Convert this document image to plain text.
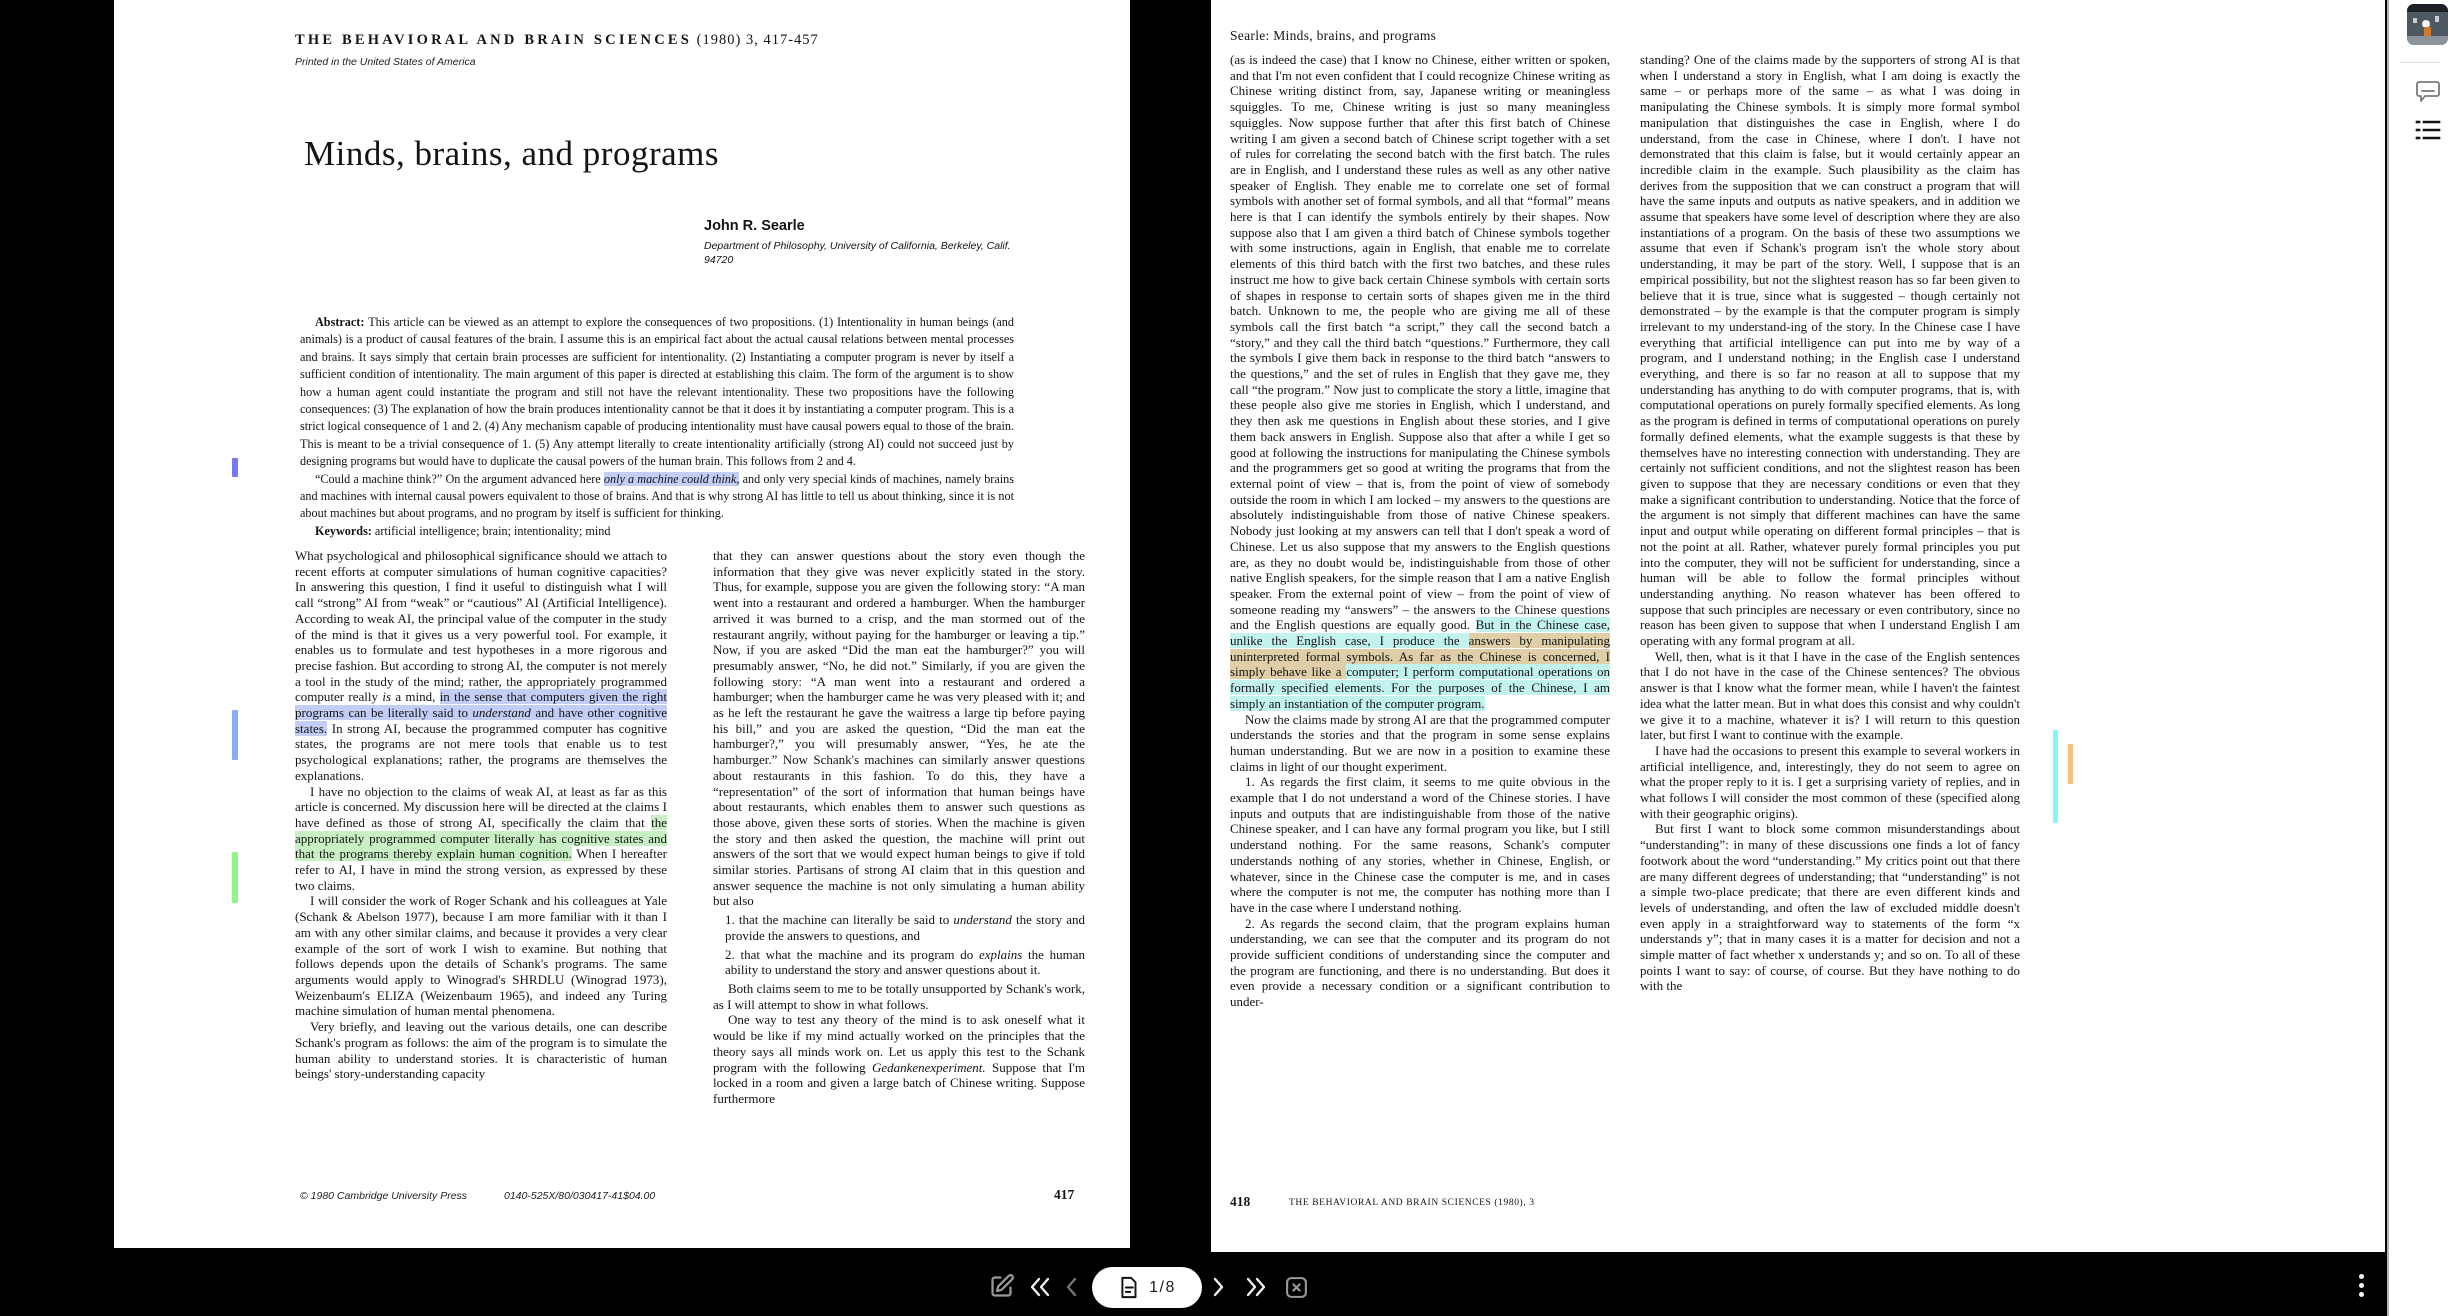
THE BEHAVIORAL AND BRAIN SCIENCES (1980) 3, 417-457
Printed in the United States of America
Minds, brains, and programs
John R. Searle
Department of Philosophy, University of California, Berkeley, Calif.
94720

Abstract: This article can be viewed as an attempt to explore the consequences of two propositions. (1) Intentionality in human beings (and animals) is a product of causal features of the brain. I assume this is an empirical fact about the actual causal relations between mental processes and brains. It says simply that certain brain processes are sufficient for intentionality. (2) Instantiating a computer program is never by itself a sufficient condition of intentionality. The main argument of this paper is directed at establishing this claim. The form of the argument is to show how a human agent could instantiate the program and still not have the relevant intentionality. These two propositions have the following consequences: (3) The explanation of how the brain produces intentionality cannot be that it does it by instantiating a computer program. This is a strict logical consequence of 1 and 2. (4) Any mechanism capable of producing intentionality must have causal powers equal to those of the brain. This is meant to be a trivial consequence of 1. (5) Any attempt literally to create intentionality artificially (strong AI) could not succeed just by designing programs but would have to duplicate the causal powers of the human brain. This follows from 2 and 4.

“Could a machine think?” On the argument advanced here only a machine could think, and only very special kinds of machines, namely brains and machines with internal causal powers equivalent to those of brains. And that is why strong AI has little to tell us about thinking, since it is not about machines but about programs, and no program by itself is sufficient for thinking.

Keywords: artificial intelligence; brain; intentionality; mind

What psychological and philosophical significance should we attach to recent efforts at computer simulations of human cognitive capacities? In answering this question, I find it useful to distinguish what I will call “strong” AI from “weak” or “cautious” AI (Artificial Intelligence). According to weak AI, the principal value of the computer in the study of the mind is that it gives us a very powerful tool. For example, it enables us to formulate and test hypotheses in a more rigorous and precise fashion. But according to strong AI, the computer is not merely a tool in the study of the mind; rather, the appropriately programmed computer really is a mind, in the sense that computers given the right programs can be literally said to understand and have other cognitive states. In strong AI, because the programmed computer has cognitive states, the programs are not mere tools that enable us to test psychological explanations; rather, the programs are themselves the explanations.

I have no objection to the claims of weak AI, at least as far as this article is concerned. My discussion here will be directed at the claims I have defined as those of strong AI, specifically the claim that the appropriately programmed computer literally has cognitive states and that the programs thereby explain human cognition. When I hereafter refer to AI, I have in mind the strong version, as expressed by these two claims.

I will consider the work of Roger Schank and his colleagues at Yale (Schank & Abelson 1977), because I am more familiar with it than I am with any other similar claims, and because it provides a very clear example of the sort of work I wish to examine. But nothing that follows depends upon the details of Schank's programs. The same arguments would apply to Winograd's SHRDLU (Winograd 1973), Weizenbaum's ELIZA (Weizenbaum 1965), and indeed any Turing machine simulation of human mental phenomena.

Very briefly, and leaving out the various details, one can describe Schank's program as follows: the aim of the program is to simulate the human ability to understand stories. It is characteristic of human beings' story-understanding capacity

that they can answer questions about the story even though the information that they give was never explicitly stated in the story. Thus, for example, suppose you are given the following story: “A man went into a restaurant and ordered a hamburger. When the hamburger arrived it was burned to a crisp, and the man stormed out of the restaurant angrily, without paying for the hamburger or leaving a tip.” Now, if you are asked “Did the man eat the hamburger?” you will presumably answer, “No, he did not.” Similarly, if you are given the following story: “A man went into a restaurant and ordered a hamburger; when the hamburger came he was very pleased with it; and as he left the restaurant he gave the waitress a large tip before paying his bill,” and you are asked the question, “Did the man eat the hamburger?,” you will presumably answer, “Yes, he ate the hamburger.” Now Schank's machines can similarly answer questions about restaurants in this fashion. To do this, they have a “representation” of the sort of information that human beings have about restaurants, which enables them to answer such questions as those above, given these sorts of stories. When the machine is given the story and then asked the question, the machine will print out answers of the sort that we would expect human beings to give if told similar stories. Partisans of strong AI claim that in this question and answer sequence the machine is not only simulating a human ability but also

1. that the machine can literally be said to understand the story and provide the answers to questions, and

2. that what the machine and its program do explains the human ability to understand the story and answer questions about it.

Both claims seem to me to be totally unsupported by Schank's work, as I will attempt to show in what follows.

One way to test any theory of the mind is to ask oneself what it would be like if my mind actually worked on the principles that the theory says all minds work on. Let us apply this test to the Schank program with the following Gedankenexperiment. Suppose that I'm locked in a room and given a large batch of Chinese writing. Suppose furthermore

© 1980 Cambridge University Press	0140-525X/80/030417-41$04.00	417
Searle: Minds, brains, and programs

(as is indeed the case) that I know no Chinese, either written or spoken, and that I'm not even confident that I could recognize Chinese writing as Chinese writing distinct from, say, Japanese writing or meaningless squiggles. To me, Chinese writing is just so many meaningless squiggles. Now suppose further that after this first batch of Chinese writing I am given a second batch of Chinese script together with a set of rules for correlating the second batch with the first batch. The rules are in English, and I understand these rules as well as any other native speaker of English. They enable me to correlate one set of formal symbols with another set of formal symbols, and all that “formal” means here is that I can identify the symbols entirely by their shapes. Now suppose also that I am given a third batch of Chinese symbols together with some instructions, again in English, that enable me to correlate elements of this third batch with the first two batches, and these rules instruct me how to give back certain Chinese symbols with certain sorts of shapes in response to certain sorts of shapes given me in the third batch. Unknown to me, the people who are giving me all of these symbols call the first batch “a script,” they call the second batch a “story,” and they call the third batch “questions.” Furthermore, they call the symbols I give them back in response to the third batch “answers to the questions,” and the set of rules in English that they gave me, they call “the program.” Now just to complicate the story a little, imagine that these people also give me stories in English, which I understand, and they then ask me questions in English about these stories, and I give them back answers in English. Suppose also that after a while I get so good at following the instructions for manipulating the Chinese symbols and the programmers get so good at writing the programs that from the external point of view – that is, from the point of view of somebody outside the room in which I am locked – my answers to the questions are absolutely indistinguishable from those of native Chinese speakers. Nobody just looking at my answers can tell that I don't speak a word of Chinese. Let us also suppose that my answers to the English questions are, as they no doubt would be, indistinguishable from those of other native English speakers, for the simple reason that I am a native English speaker. From the external point of view – from the point of view of someone reading my “answers” – the answers to the Chinese questions and the English questions are equally good. But in the Chinese case, unlike the English case, I produce the answers by manipulating uninterpreted formal symbols. As far as the Chinese is concerned, I simply behave like a computer; I perform computational operations on formally specified elements. For the purposes of the Chinese, I am simply an instantiation of the computer program.

Now the claims made by strong AI are that the programmed computer understands the stories and that the program in some sense explains human understanding. But we are now in a position to examine these claims in light of our thought experiment.

1. As regards the first claim, it seems to me quite obvious in the example that I do not understand a word of the Chinese stories. I have inputs and outputs that are indistinguishable from those of the native Chinese speaker, and I can have any formal program you like, but I still understand nothing. For the same reasons, Schank's computer understands nothing of any stories, whether in Chinese, English, or whatever, since in the Chinese case the computer is me, and in cases where the computer is not me, the computer has nothing more than I have in the case where I understand nothing.

2. As regards the second claim, that the program explains human understanding, we can see that the computer and its program do not provide sufficient conditions of understanding since the computer and the program are functioning, and there is no understanding. But does it even provide a necessary condition or a significant contribution to under-

standing? One of the claims made by the supporters of strong AI is that when I understand a story in English, what I am doing is exactly the same – or perhaps more of the same – as what I was doing in manipulating the Chinese symbols. It is simply more formal symbol manipulation that distinguishes the case in English, where I do understand, from the case in Chinese, where I don't. I have not demonstrated that this claim is false, but it would certainly appear an incredible claim in the example. Such plausibility as the claim has derives from the supposition that we can construct a program that will have the same inputs and outputs as native speakers, and in addition we assume that speakers have some level of description where they are also instantiations of a program. On the basis of these two assumptions we assume that even if Schank's program isn't the whole story about understanding, it may be part of the story. Well, I suppose that is an empirical possibility, but not the slightest reason has so far been given to believe that it is true, since what is suggested – though certainly not demonstrated – by the example is that the computer program is simply irrelevant to my understand-ing of the story. In the Chinese case I have everything that artificial intelligence can put into me by way of a program, and I understand nothing; in the English case I understand everything, and there is so far no reason at all to suppose that my understanding has anything to do with computer programs, that is, with computational operations on purely formally specified elements. As long as the program is defined in terms of computational operations on purely formally defined elements, what the example suggests is that these by themselves have no interesting connection with understanding. They are certainly not sufficient conditions, and not the slightest reason has been given to suppose that they are necessary conditions or even that they make a significant contribution to understanding. Notice that the force of the argument is not simply that different machines can have the same input and output while operating on different formal principles – that is not the point at all. Rather, whatever purely formal principles you put into the computer, they will not be sufficient for understanding, since a human will be able to follow the formal principles without understanding anything. No reason whatever has been offered to suppose that such principles are necessary or even contributory, since no reason has been given to suppose that when I understand English I am operating with any formal program at all.

Well, then, what is it that I have in the case of the English sentences that I do not have in the case of the Chinese sentences? The obvious answer is that I know what the former mean, while I haven't the faintest idea what the latter mean. But in what does this consist and why couldn't we give it to a machine, whatever it is? I will return to this question later, but first I want to continue with the example.

I have had the occasions to present this example to several workers in artificial intelligence, and, interestingly, they do not seem to agree on what the proper reply to it is. I get a surprising variety of replies, and in what follows I will consider the most common of these (specified along with their geographic origins).

But first I want to block some common misunderstandings about “understanding”: in many of these discussions one finds a lot of fancy footwork about the word “understanding.” My critics point out that there are many different degrees of understanding; that “understanding” is not a simple two-place predicate; that there are even different kinds and levels of understanding, and often the law of excluded middle doesn't even apply in a straightforward way to statements of the form “x understands y”; that in many cases it is a matter for decision and not a simple matter of fact whether x understands y; and so on. To all of these points I want to say: of course, of course. But they have nothing to do with the

418	THE BEHAVIORAL AND BRAIN SCIENCES (1980), 3
1/8
